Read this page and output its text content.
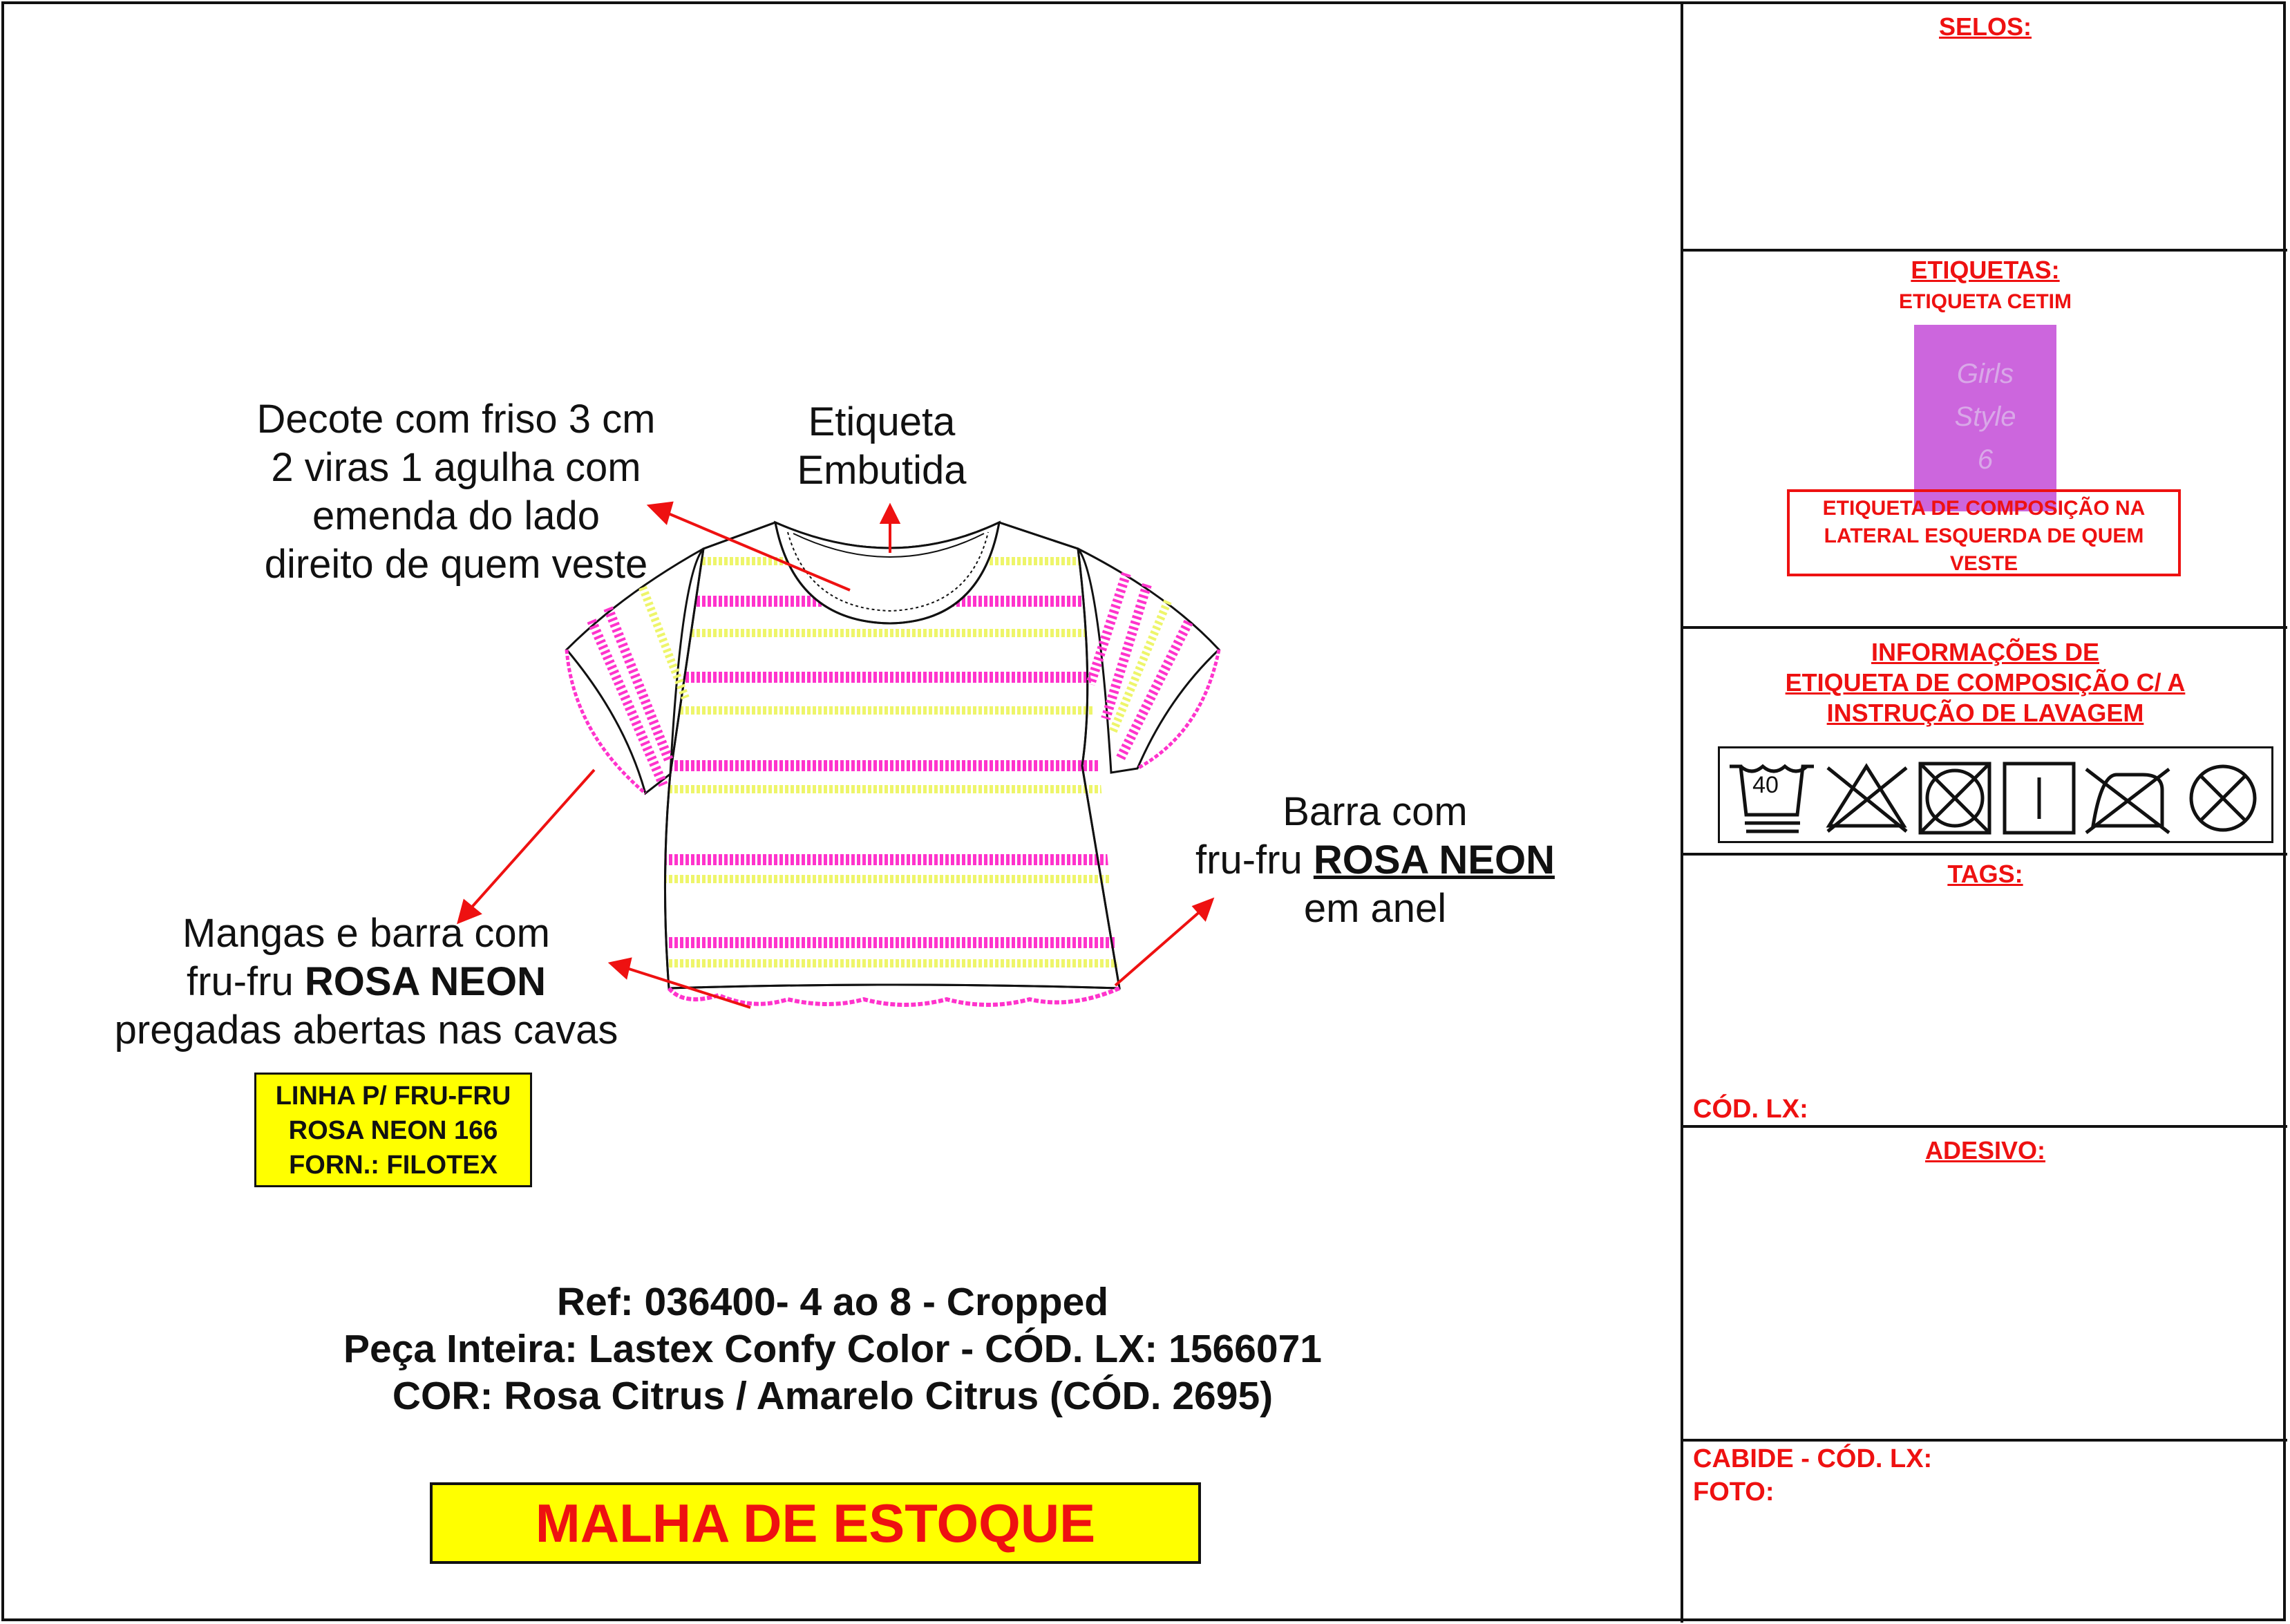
SELOS:
ETIQUETAS:
ETIQUETA CETIM
Girls
Style
6
ETIQUETA DE COMPOSIÇÃO NA
LATERAL ESQUERDA DE QUEM
VESTE
INFORMAÇÕES DE
ETIQUETA DE COMPOSIÇÃO C/ A
INSTRUÇÃO DE LAVAGEM
40
TAGS:
CÓD. LX:
ADESIVO:
CABIDE - CÓD. LX:
FOTO:
Decote com friso 3 cm
2 viras 1 agulha com
emenda do lado
direito de quem veste
Etiqueta
Embutida
Barra com
fru-fru ROSA NEON
em anel
Mangas e barra com
fru-fru ROSA NEON
pregadas abertas nas cavas
LINHA P/ FRU-FRU
ROSA NEON 166
FORN.: FILOTEX
Ref: 036400- 4 ao 8 - Cropped
Peça Inteira: Lastex Confy Color - CÓD. LX: 1566071
COR: Rosa Citrus / Amarelo Citrus (CÓD. 2695)
MALHA DE ESTOQUE
